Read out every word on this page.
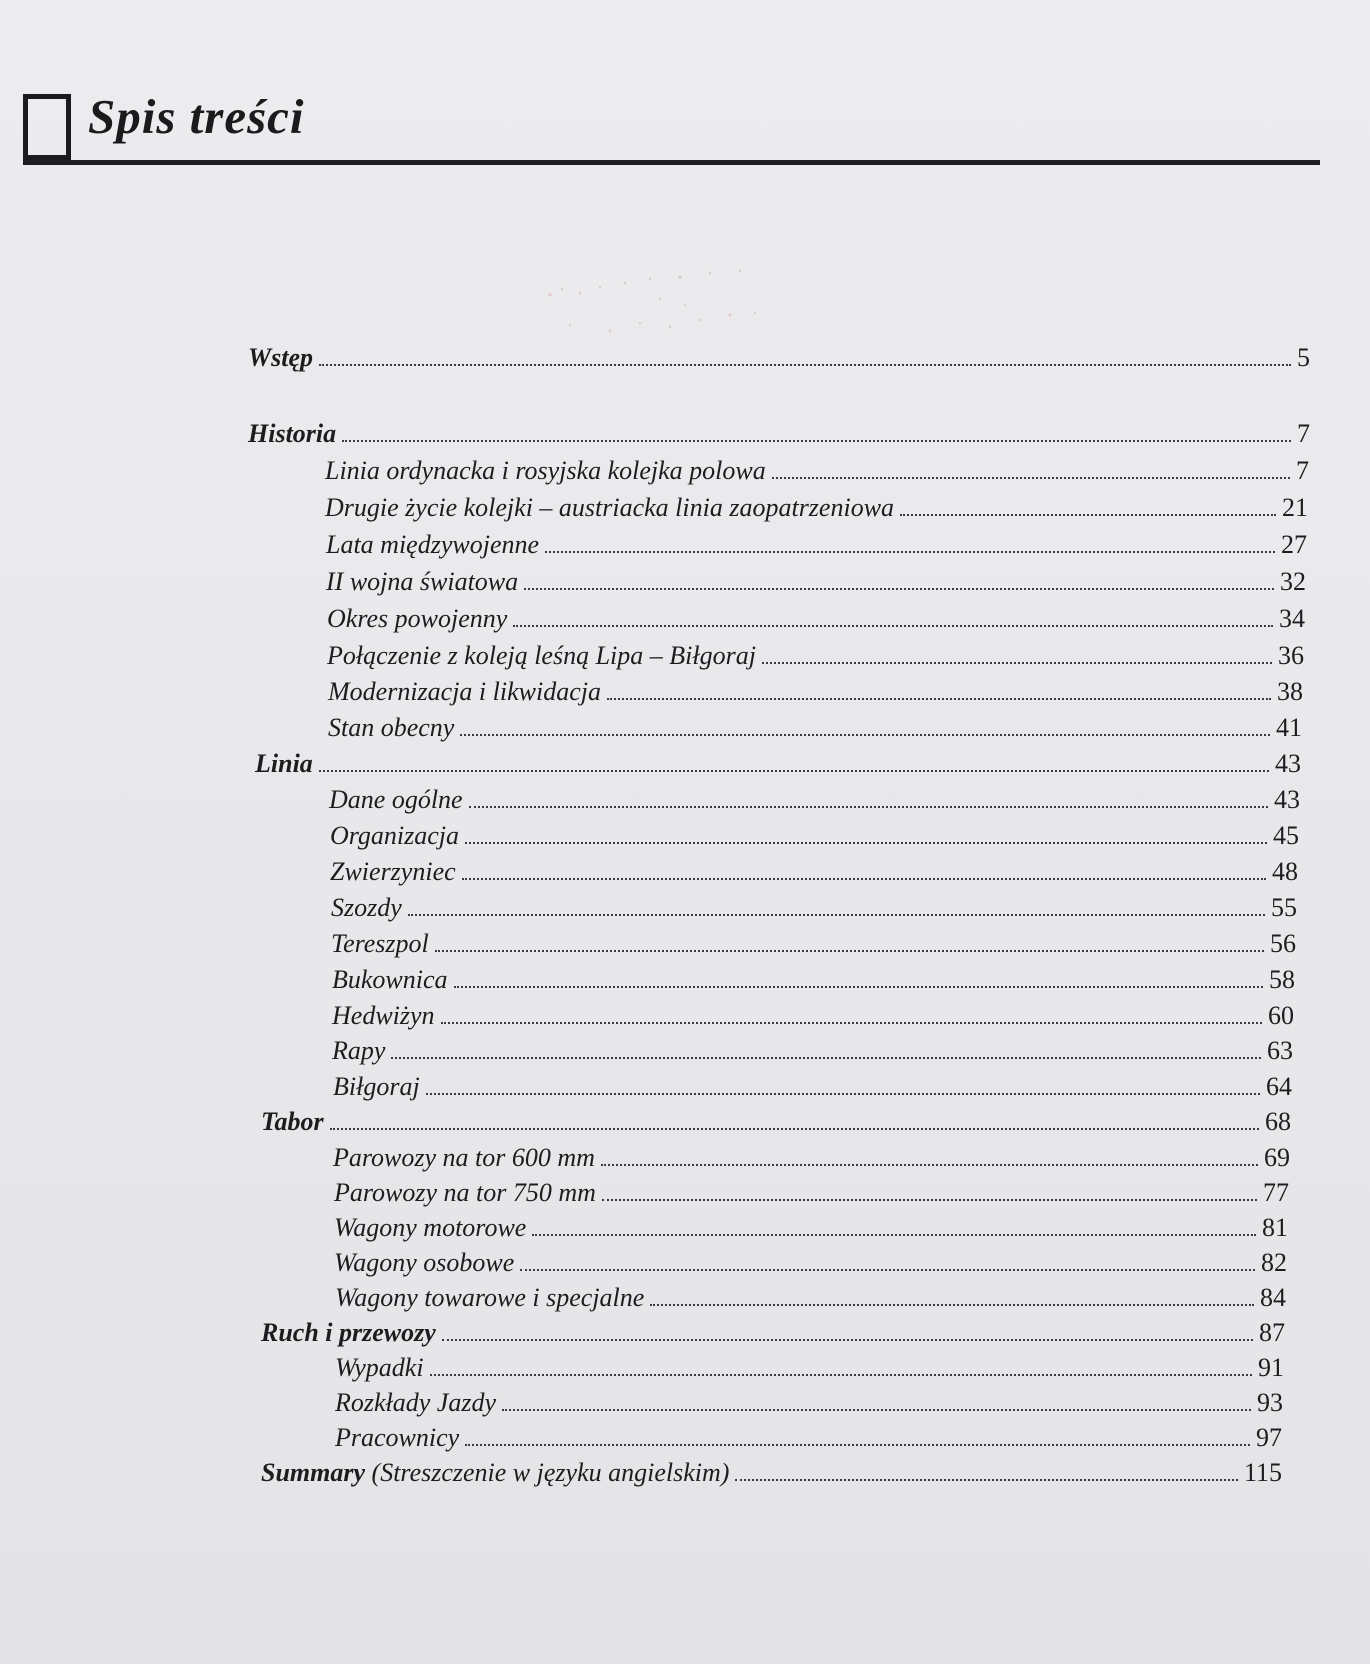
Spis treści
Wstęp	5
Historia	7
Linia ordynacka i rosyjska kolejka polowa	7
Drugie życie kolejki – austriacka linia zaopatrzeniowa	21
Lata międzywojenne	27
II wojna światowa	32
Okres powojenny	34
Połączenie z koleją leśną Lipa – Biłgoraj	36
Modernizacja i likwidacja	38
Stan obecny	41
Linia	43
Dane ogólne	43
Organizacja	45
Zwierzyniec	48
Szozdy	55
Tereszpol	56
Bukownica	58
Hedwiżyn	60
Rapy	63
Biłgoraj	64
Tabor	68
Parowozy na tor 600 mm	69
Parowozy na tor 750 mm	77
Wagony motorowe	81
Wagony osobowe	82
Wagony towarowe i specjalne	84
Ruch i przewozy	87
Wypadki	91
Rozkłady Jazdy	93
Pracownicy	97
Summary (Streszczenie w języku angielskim)	115
